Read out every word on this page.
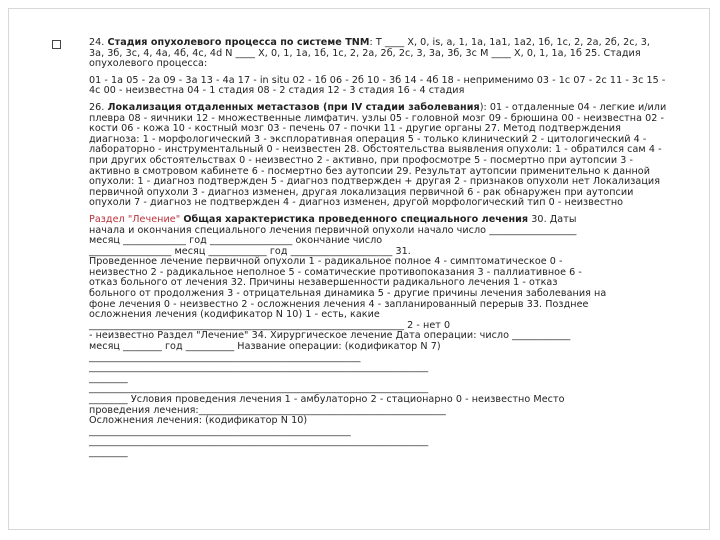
24. Стадия опухолевого процесса по системе TNM: T ____ X, 0, is, a, 1, 1a, 1a1, 1a2, 1б, 1c, 2, 2a, 2б, 2c, 3, 3a, 3б, 3c, 4, 4a, 4б, 4c, 4d N ____ X, 0, 1, 1a, 1б, 1c, 2, 2a, 2б, 2c, 3, 3a, 3б, 3c M ____ X, 0, 1, 1a, 1б 25. Стадия опухолевого процесса:

01 - 1a 05 - 2a 09 - 3a 13 - 4a 17 - in situ 02 - 1б 06 - 2б 10 - 3б 14 - 4б 18 - неприменимо 03 - 1c 07 - 2c 11 - 3c 15 - 4c 00 - неизвестна 04 - 1 стадия 08 - 2 стадия 12 - 3 стадия 16 - 4 стадия

26. Локализация отдаленных метастазов (при IV стадии заболевания): 01 - отдаленные 04 - легкие и/или плевра 08 - яичники 12 - множественные лимфатич. узлы 05 - головной мозг 09 - брюшина 00 - неизвестна 02 - кости 06 - кожа 10 - костный мозг 03 - печень 07 - почки 11 - другие органы 27. Метод подтверждения диагноза: 1 - морфологический 3 - эксплоративная операция 5 - только клинический 2 - цитологический 4 - лабораторно - инструментальный 0 - неизвестен 28. Обстоятельства выявления опухоли: 1 - обратился сам 4 - при других обстоятельствах 0 - неизвестно 2 - активно, при профосмотре 5 - посмертно при аутопсии 3 - активно в смотровом кабинете 6 - посмертно без аутопсии 29. Результат аутопсии применительно к данной опухоли: 1 - диагноз подтвержден 5 - диагноз подтвержден + другая 2 - признаков опухоли нет Локализация первичной опухоли 3 - диагноз изменен, другая локализация первичной 6 - рак обнаружен при аутопсии опухоли 7 - диагноз не подтвержден 4 - диагноз изменен, другой морфологический тип 0 - неизвестно

Раздел "Лечение" Общая характеристика проведенного специального лечения 30. Даты
начала и окончания специального лечения первичной опухоли начало число __________________
месяц _____________ год _________________ окончание число
_________________ месяц ____________ год _____________________ 31.
Проведенное лечение первичной опухоли 1 - радикальное полное 4 - симптоматическое 0 -
неизвестно 2 - радикальное неполное 5 - соматические противопоказания 3 - паллиативное 6 -
отказ больного от лечения 32. Причины незавершенности радикального лечения 1 - отказ
больного от продолжения 3 - отрицательная динамика 5 - другие причины лечения заболевания на
фоне лечения 0 - неизвестно 2 - осложнения лечения 4 - запланированный перерыв 33. Позднее
осложнения лечения (кодификатор N 10) 1 - есть, какие
_________________________________________________________________ 2 - нет 0
- неизвестно Раздел "Лечение" 34. Хирургическое лечение Дата операции: число ____________
месяц ________ год __________ Название операции: (кодификатор N 7)
________________________________________________________
______________________________________________________________________
________
______________________________________________________________________
________ Условия проведения лечения 1 - амбулаторно 2 - стационарно 0 - неизвестно Место
проведения лечения:___________________________________________________
Осложнения лечения: (кодификатор N 10)
______________________________________________________
______________________________________________________________________
________
